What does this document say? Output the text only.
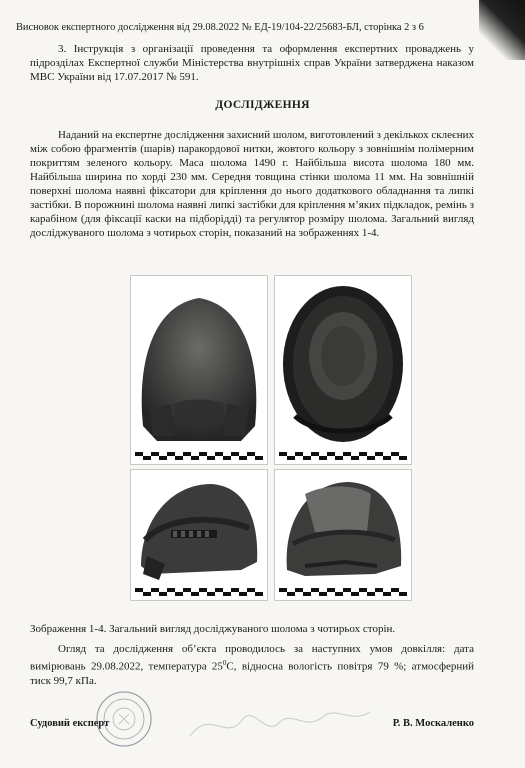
Висновок експертного дослідження від 29.08.2022 № ЕД-19/104-22/25683-БЛ, сторінка 2 з 6
3. Інструкція з організації проведення та оформлення експертних проваджень у підрозділах Експертної служби Міністерства внутрішніх справ України затверджена наказом МВС України від 17.07.2017 № 591.
ДОСЛІДЖЕННЯ
Наданий на експертне дослідження захисний шолом, виготовлений з декількох склеєних між собою фрагментів (шарів) паракордової нитки, жовтого кольору з зовнішнім полімерним покриттям зеленого кольору. Маса шолома 1490 г. Найбільша висота шолома 180 мм. Найбільша ширина по хорді 230 мм. Середня товщина стінки шолома 11 мм. На зовнішній поверхні шолома наявні фіксатори для кріплення до нього додаткового обладнання та липкі застібки. В порожнині шолома наявні липкі застібки для кріплення м’яких підкладок, ремінь з карабіном (для фіксації каски на підборідді) та регулятор розміру шолома. Загальний вигляд досліджуваного шолома з чотирьох сторін, показаний на зображеннях 1-4.
Зображення 1-4. Загальний вигляд досліджуваного шолома з чотирьох сторін.
Огляд та дослідження об’єкта проводилось за наступних умов довкілля: дата вимірювань 29.08.2022, температура $25^0С$, відносна вологість повітря 79 %; атмосферний тиск 99,7 кПа.
Судовий експерт	Р. В. Москаленко
